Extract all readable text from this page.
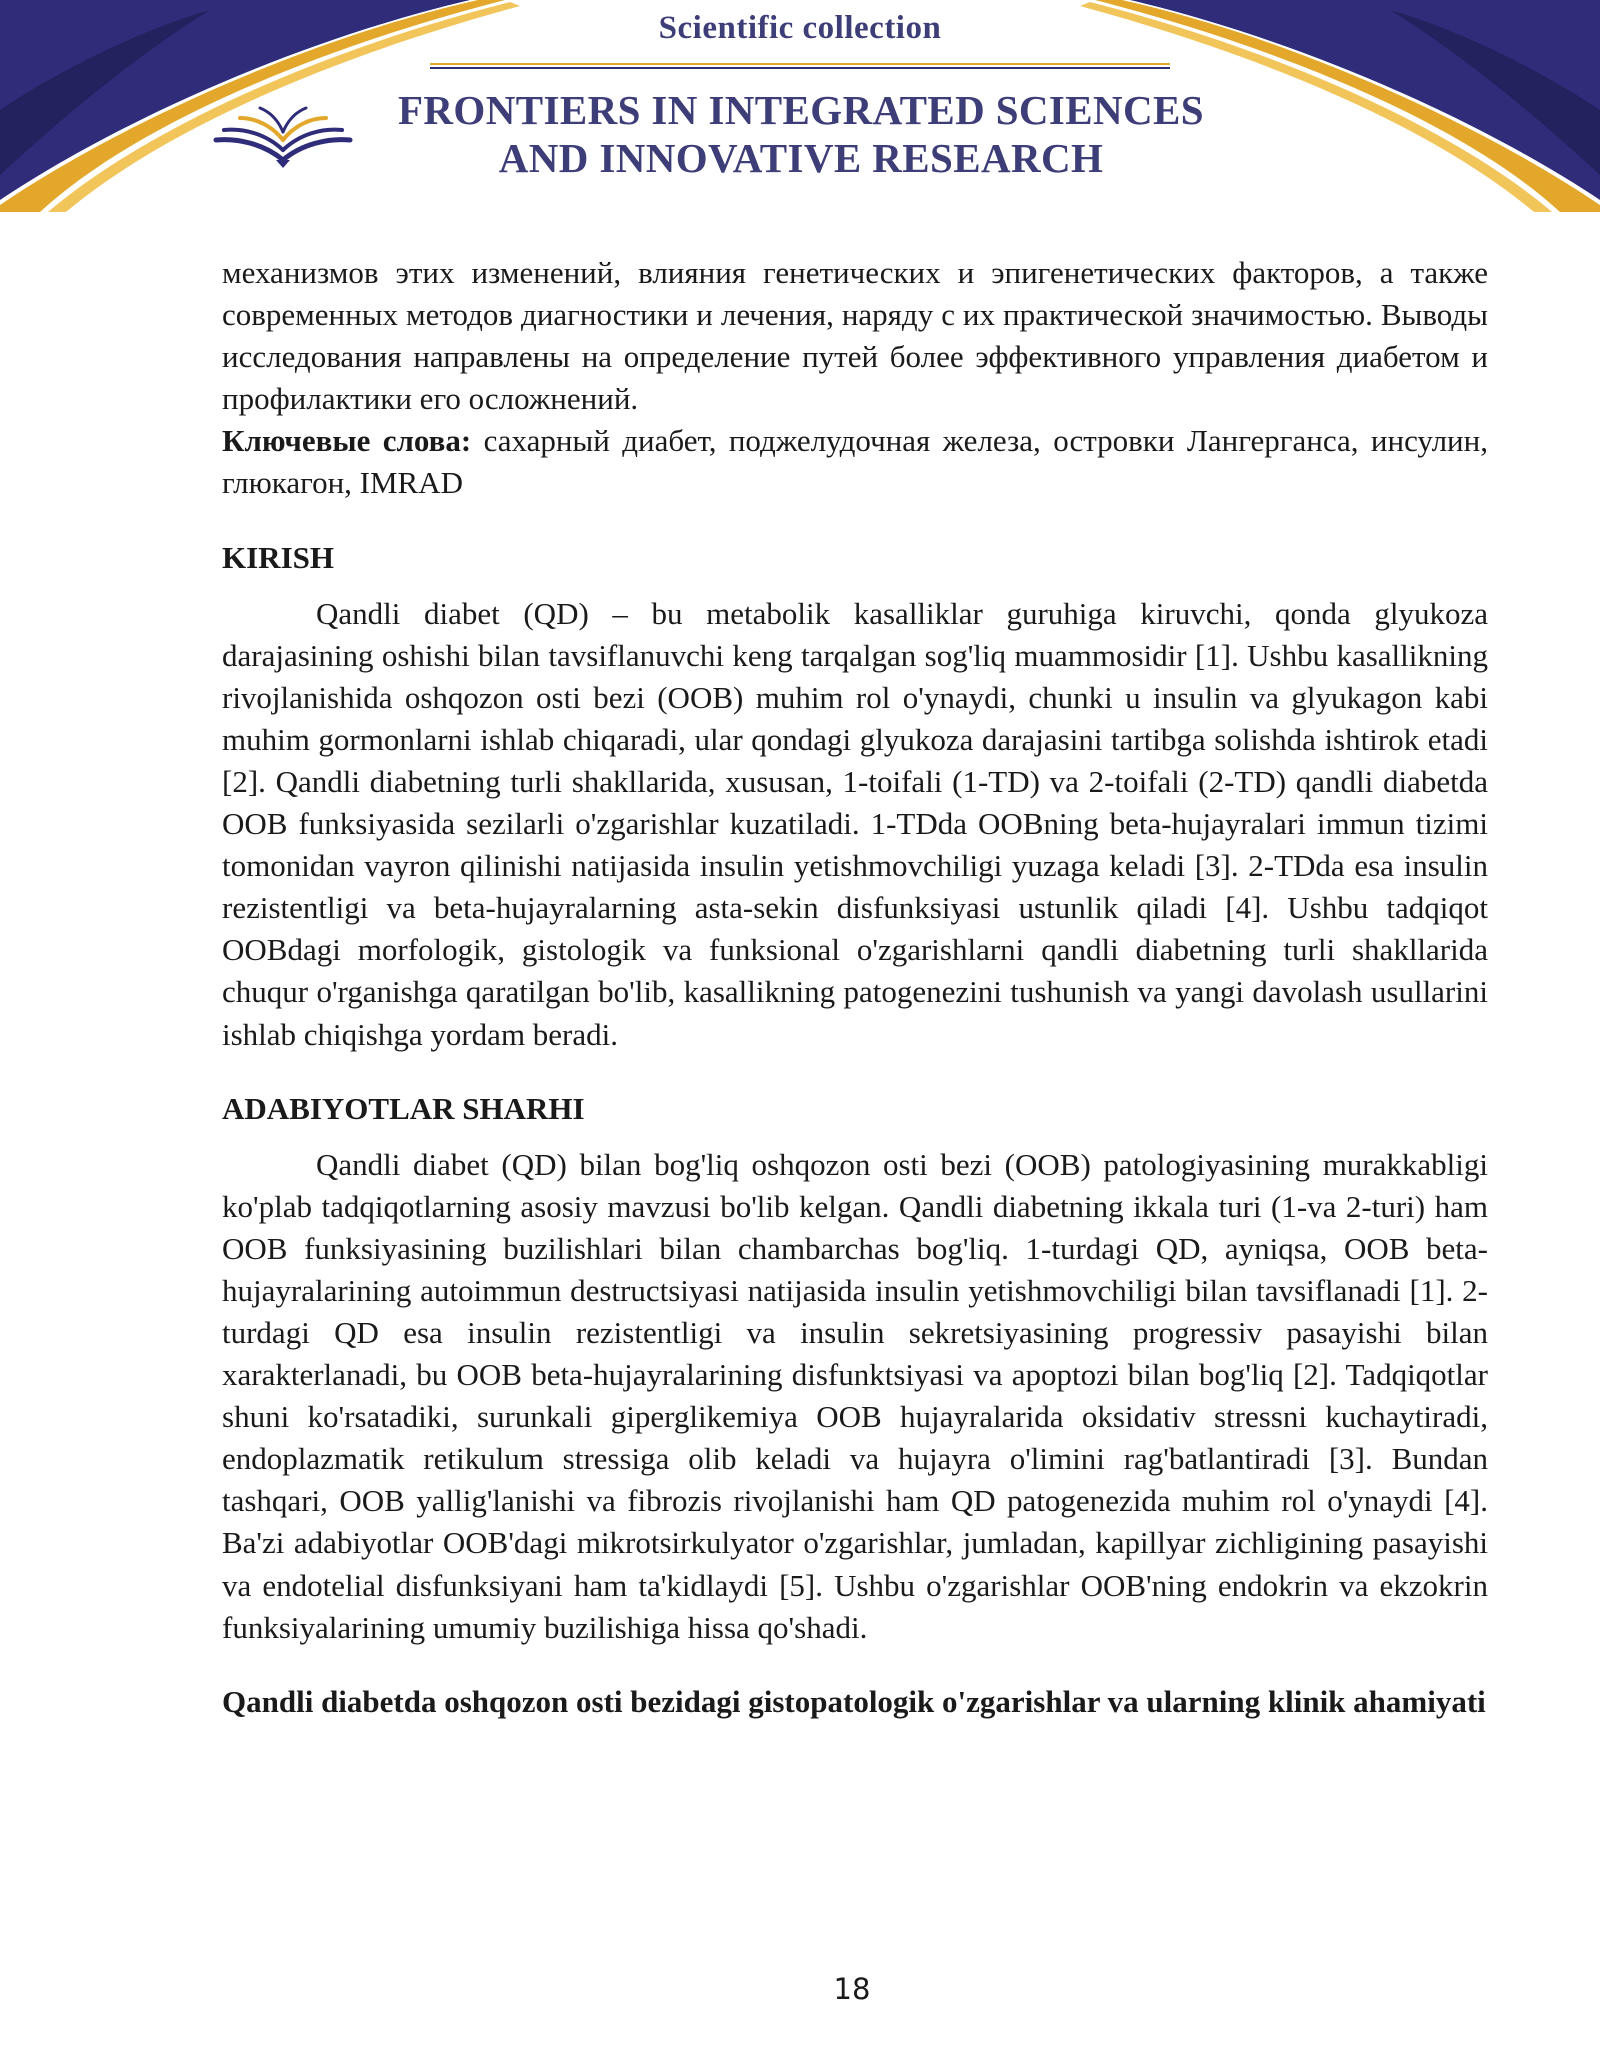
Scientific collection
FRONTIERS IN INTEGRATED SCIENCES
AND INNOVATIVE RESEARCH

механизмов этих изменений, влияния генетических и эпигенетических факторов, а также современных методов диагностики и лечения, наряду с их практической значимостью. Выводы исследования направлены на определение путей более эффективного управления диабетом и профилактики его осложнений.

Ключевые слова: сахарный диабет, поджелудочная железа, островки Лангерганса, инсулин, глюкагон, IMRAD

KIRISH

Qandli diabet (QD) – bu metabolik kasalliklar guruhiga kiruvchi, qonda glyukoza darajasining oshishi bilan tavsiflanuvchi keng tarqalgan sog'liq muammosidir [1]. Ushbu kasallikning rivojlanishida oshqozon osti bezi (OOB) muhim rol o'ynaydi, chunki u insulin va glyukagon kabi muhim gormonlarni ishlab chiqaradi, ular qondagi glyukoza darajasini tartibga solishda ishtirok etadi [2]. Qandli diabetning turli shakllarida, xususan, 1-toifali (1-TD) va 2-toifali (2-TD) qandli diabetda OOB funksiyasida sezilarli o'zgarishlar kuzatiladi. 1-TDda OOBning beta-hujayralari immun tizimi tomonidan vayron qilinishi natijasida insulin yetishmovchiligi yuzaga keladi [3]. 2-TDda esa insulin rezistentligi va beta-hujayralarning asta-sekin disfunksiyasi ustunlik qiladi [4]. Ushbu tadqiqot OOBdagi morfologik, gistologik va funksional o'zgarishlarni qandli diabetning turli shakllarida chuqur o'rganishga qaratilgan bo'lib, kasallikning patogenezini tushunish va yangi davolash usullarini ishlab chiqishga yordam beradi.

ADABIYOTLAR SHARHI

Qandli diabet (QD) bilan bog'liq oshqozon osti bezi (OOB) patologiyasining murakkabligi ko'plab tadqiqotlarning asosiy mavzusi bo'lib kelgan. Qandli diabetning ikkala turi (1-va 2-turi) ham OOB funksiyasining buzilishlari bilan chambarchas bog'liq. 1-turdagi QD, ayniqsa, OOB beta-hujayralarining autoimmun destructsiyasi natijasida insulin yetishmovchiligi bilan tavsiflanadi [1]. 2-turdagi QD esa insulin rezistentligi va insulin sekretsiyasining progressiv pasayishi bilan xarakterlanadi, bu OOB beta-hujayralarining disfunktsiyasi va apoptozi bilan bog'liq [2]. Tadqiqotlar shuni ko'rsatadiki, surunkali giperglikemiya OOB hujayralarida oksidativ stressni kuchaytiradi, endoplazmatik retikulum stressiga olib keladi va hujayra o'limini rag'batlantiradi [3]. Bundan tashqari, OOB yallig'lanishi va fibrozis rivojlanishi ham QD patogenezida muhim rol o'ynaydi [4]. Ba'zi adabiyotlar OOB'dagi mikrotsirkulyator o'zgarishlar, jumladan, kapillyar zichligining pasayishi va endotelial disfunksiyani ham ta'kidlaydi [5]. Ushbu o'zgarishlar OOB'ning endokrin va ekzokrin funksiyalarining umumiy buzilishiga hissa qo'shadi.

Qandli diabetda oshqozon osti bezidagi gistopatologik o'zgarishlar va ularning klinik ahamiyati
18
